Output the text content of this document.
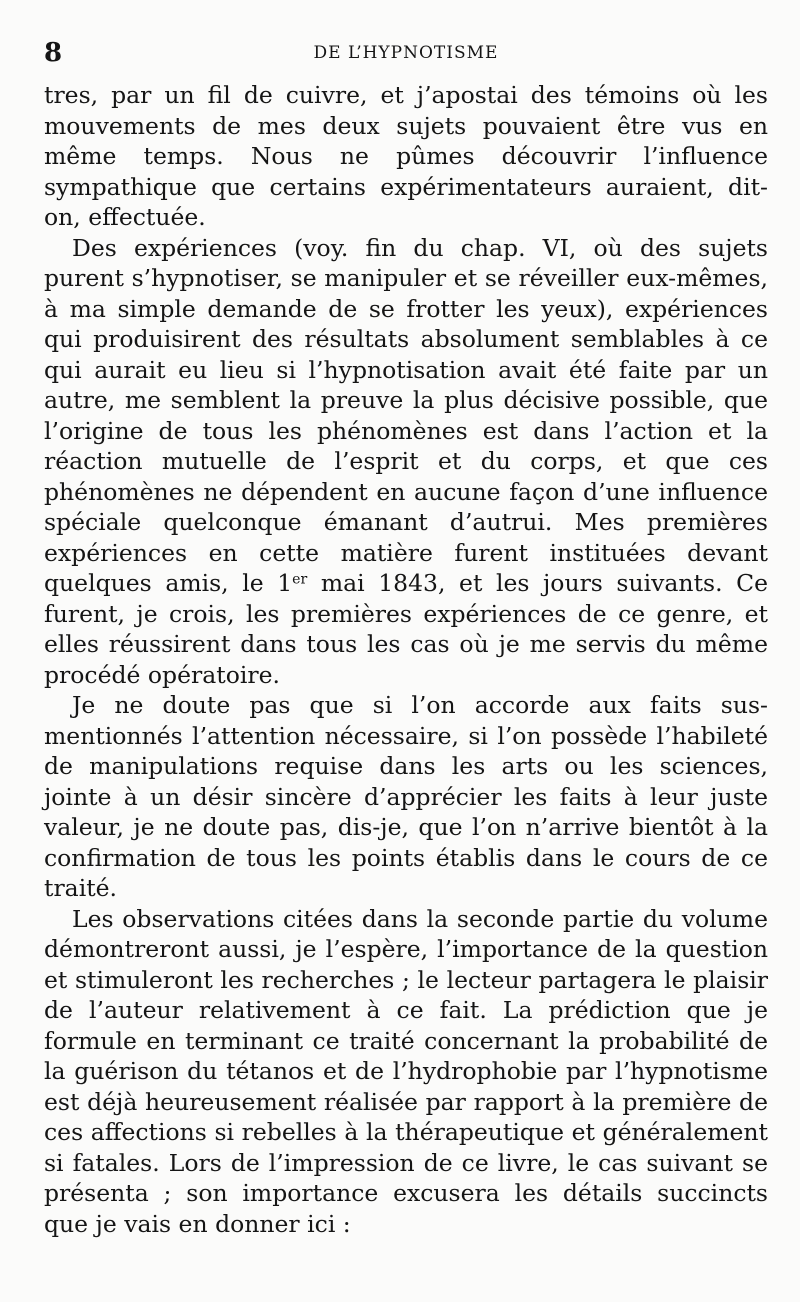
8	DE L’HYPNOTISME

tres, par un fil de cuivre, et j’apostai des témoins où les mouvements de mes deux sujets pouvaient être vus en même temps. Nous ne pûmes découvrir l’influence sympathique que certains expérimentateurs auraient, dit-on, effectuée.

Des expériences (voy. fin du chap. VI, où des sujets purent s’hypnotiser, se manipuler et se réveiller eux-mêmes, à ma simple demande de se frotter les yeux), expériences qui produisirent des résultats absolument semblables à ce qui aurait eu lieu si l’hypnotisation avait été faite par un autre, me semblent la preuve la plus décisive possible, que l’origine de tous les phénomènes est dans l’action et la réaction mutuelle de l’esprit et du corps, et que ces phénomènes ne dépendent en aucune façon d’une influence spéciale quelconque émanant d’autrui. Mes premières expériences en cette matière furent instituées devant quelques amis, le 1er mai 1843, et les jours suivants. Ce furent, je crois, les premières expériences de ce genre, et elles réussirent dans tous les cas où je me servis du même procédé opératoire.

Je ne doute pas que si l’on accorde aux faits sus-mentionnés l’attention nécessaire, si l’on possède l’habileté de manipulations requise dans les arts ou les sciences, jointe à un désir sincère d’apprécier les faits à leur juste valeur, je ne doute pas, dis-je, que l’on n’arrive bientôt à la confirmation de tous les points établis dans le cours de ce traité.

Les observations citées dans la seconde partie du volume démontreront aussi, je l’espère, l’importance de la question et stimuleront les recherches ; le lecteur partagera le plaisir de l’auteur relativement à ce fait. La prédiction que je formule en terminant ce traité concernant la probabilité de la guérison du tétanos et de l’hydrophobie par l’hypnotisme est déjà heureusement réalisée par rapport à la première de ces affections si rebelles à la thérapeutique et généralement si fatales. Lors de l’impression de ce livre, le cas suivant se présenta ; son importance excusera les détails succincts que je vais en donner ici :
